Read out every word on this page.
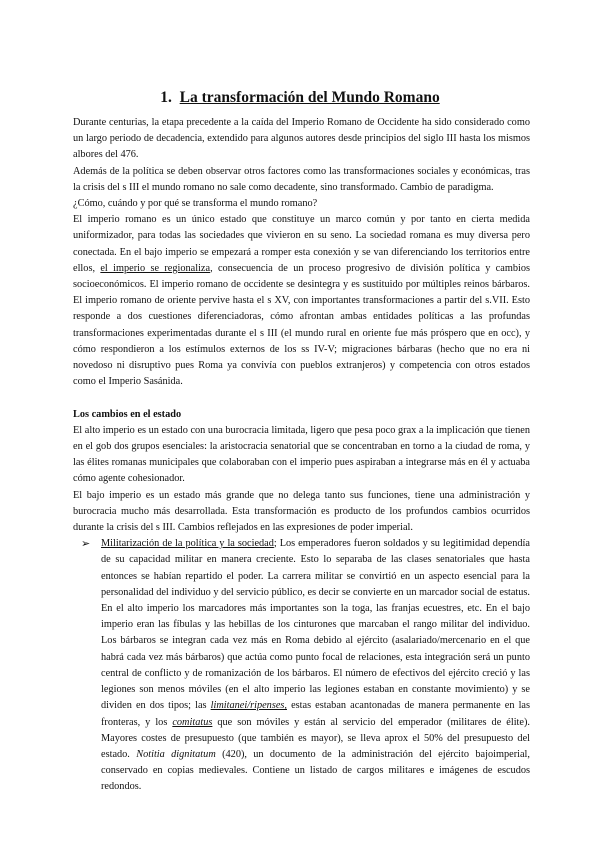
1. La transformación del Mundo Romano

Durante centurias, la etapa precedente a la caída del Imperio Romano de Occidente ha sido considerado como un largo periodo de decadencia, extendido para algunos autores desde principios del siglo III hasta los mismos albores del 476.

Además de la política se deben observar otros factores como las transformaciones sociales y económicas, tras la crisis del s III el mundo romano no sale como decadente, sino transformado. Cambio de paradigma.

¿Cómo, cuándo y por qué se transforma el mundo romano?

El imperio romano es un único estado que constituye un marco común y por tanto en cierta medida uniformizador, para todas las sociedades que vivieron en su seno. La sociedad romana es muy diversa pero conectada. En el bajo imperio se empezará a romper esta conexión y se van diferenciando los territorios entre ellos, el imperio se regionaliza, consecuencia de un proceso progresivo de división política y cambios socioeconómicos. El imperio romano de occidente se desintegra y es sustituido por múltiples reinos bárbaros. El imperio romano de oriente pervive hasta el s XV, con importantes transformaciones a partir del s.VII. Esto responde a dos cuestiones diferenciadoras, cómo afrontan ambas entidades políticas a las profundas transformaciones experimentadas durante el s III (el mundo rural en oriente fue más próspero que en occ), y cómo respondieron a los estímulos externos de los ss IV-V; migraciones bárbaras (hecho que no era ni novedoso ni disruptivo pues Roma ya convivía con pueblos extranjeros) y competencia con otros estados como el Imperio Sasánida.

Los cambios en el estado

El alto imperio es un estado con una burocracia limitada, ligero que pesa poco grax a la implicación que tienen en el gob dos grupos esenciales: la aristocracia senatorial que se concentraban en torno a la ciudad de roma, y las élites romanas municipales que colaboraban con el imperio pues aspiraban a integrarse más en él y actuaba cómo agente cohesionador.

El bajo imperio es un estado más grande que no delega tanto sus funciones, tiene una administración y burocracia mucho más desarrollada. Esta transformación es producto de los profundos cambios ocurridos durante la crisis del s III. Cambios reflejados en las expresiones de poder imperial.

➢ Militarización de la política y la sociedad; Los emperadores fueron soldados y su legitimidad dependía de su capacidad militar en manera creciente. Esto lo separaba de las clases senatoriales que hasta entonces se habían repartido el poder. La carrera militar se convirtió en un aspecto esencial para la personalidad del individuo y del servicio público, es decir se convierte en un marcador social de estatus. En el alto imperio los marcadores más importantes son la toga, las franjas ecuestres, etc. En el bajo imperio eran las fíbulas y las hebillas de los cinturones que marcaban el rango militar del individuo. Los bárbaros se integran cada vez más en Roma debido al ejército (asalariado/mercenario en el que habrá cada vez más bárbaros) que actúa como punto focal de relaciones, esta integración será un punto central de conflicto y de romanización de los bárbaros. El número de efectivos del ejército creció y las legiones son menos móviles (en el alto imperio las legiones estaban en constante movimiento) y se dividen en dos tipos; las limitanei/ripenses, estas estaban acantonadas de manera permanente en las fronteras, y los comitatus que son móviles y están al servicio del emperador (militares de élite). Mayores costes de presupuesto (que también es mayor), se lleva aprox el 50% del presupuesto del estado. Notitia dignitatum (420), un documento de la administración del ejército bajoimperial, conservado en copias medievales. Contiene un listado de cargos militares e imágenes de escudos redondos.
